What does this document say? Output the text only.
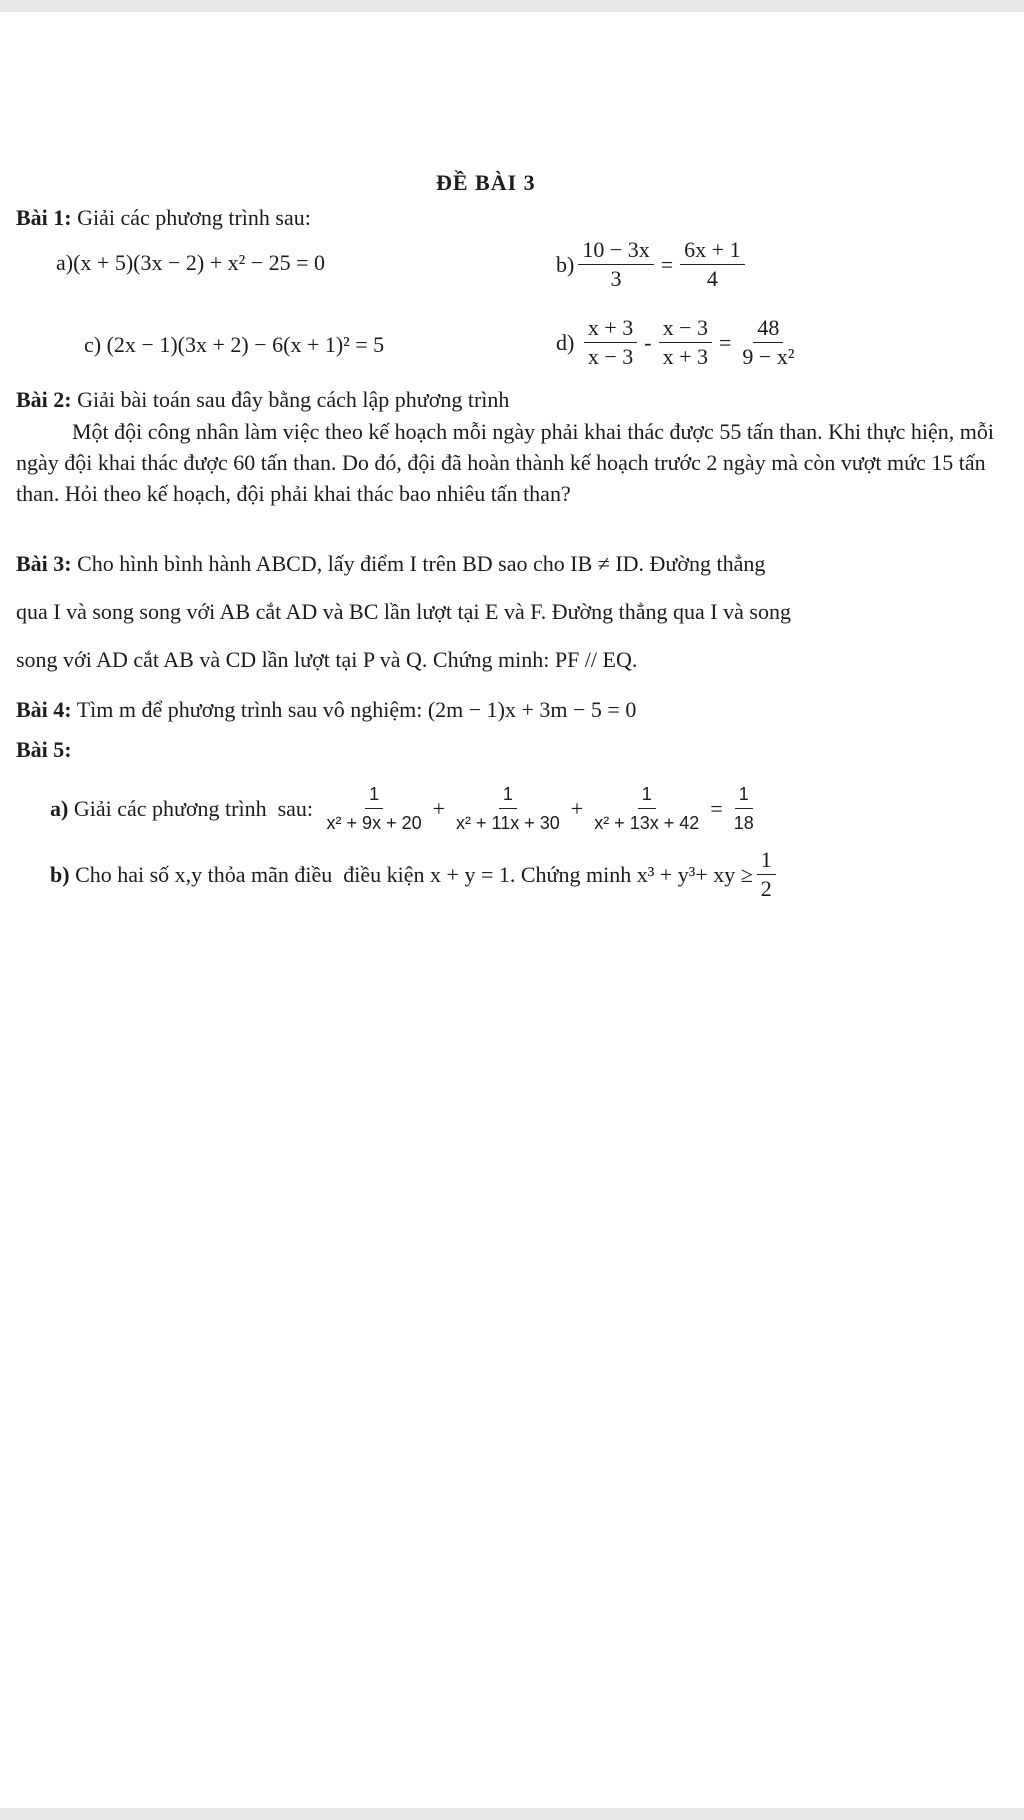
ĐỀ BÀI 3
Bài 1: Giải các phương trình sau:
a) (x + 5)(3x − 2) + x² − 25 = 0	$b) \frac{10 - 3x}{3} = \frac{6x + 1}{4}$
c)
(2x − 1)(3x + 2) − 6(x + 1)² = 5	d)
$\frac{x + 3}{x - 3} - \frac{x - 3}{x + 3} = \frac{48}{\text{9 − x²}}$
Bài 2: Giải bài toán sau đây bằng cách lập phương trình
Một đội công nhân làm việc theo kế hoạch mỗi ngày phải khai thác được 55 tấn than. Khi thực hiện, mỗi ngày đội khai thác được 60 tấn than. Do đó, đội đã hoàn thành kế hoạch trước 2 ngày mà còn vượt mức 15 tấn than. Hỏi theo kế hoạch, đội phải khai thác bao nhiêu tấn than?
Bài 3: Cho hình bình hành ABCD, lấy điểm I trên BD sao cho IB ≠ ID. Đường thẳng
qua I và song song với AB cắt AD và BC lần lượt tại E và F. Đường thẳng qua I và song
song với AD cắt AB và CD lần lượt tại P và Q. Chứng minh: PF // EQ.
Bài 4: Tìm m để phương trình sau vô nghiệm: (2m − 1)x + 3m − 5 = 0
Bài 5:
a) Giải các phương trình  sau: $\frac{1}{\text{x² + 9x + 20}} + \frac{1}{\text{x² + 11x + 30}} + \frac{1}{\text{x² + 13x + 42}} = \frac{1}{18}$
b) Cho hai số x,y thỏa mãn điều  điều kiện x + y = 1. Chứng minh x³ + y³+ xy ≥ $\frac{1}{2}$
